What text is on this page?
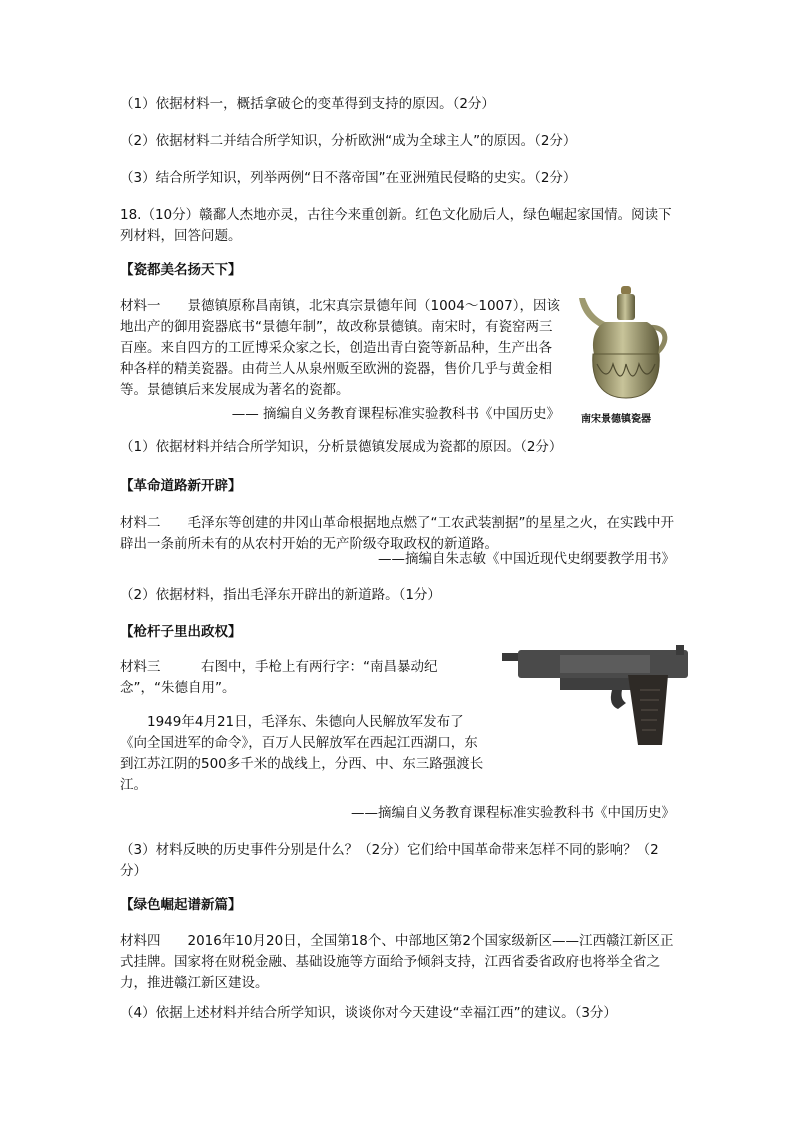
（1）依据材料一，概括拿破仑的变革得到支持的原因。（2分）
（2）依据材料二并结合所学知识，分析欧洲“成为全球主人”的原因。（2分）
（3）结合所学知识，列举两例“日不落帝国”在亚洲殖民侵略的史实。（2分）
18.（10分）赣鄱人杰地亦灵，古往今来重创新。红色文化励后人，绿色崛起家国情。阅读下列材料，回答问题。
【瓷都美名扬天下】
材料一　　景德镇原称昌南镇，北宋真宗景德年间（1004～1007），因该地出产的御用瓷器底书“景德年制”，故改称景德镇。南宋时，有瓷窑两三百座。来自四方的工匠博采众家之长，创造出青白瓷等新品种，生产出各种各样的精美瓷器。由荷兰人从泉州贩至欧洲的瓷器，售价几乎与黄金相等。景德镇后来发展成为著名的瓷都。
南宋景德镇瓷器
—— 摘编自义务教育课程标准实验教科书《中国历史》
（1）依据材料并结合所学知识，分析景德镇发展成为瓷都的原因。（2分）
【革命道路新开辟】
材料二　　毛泽东等创建的井冈山革命根据地点燃了“工农武装割据”的星星之火，在实践中开辟出一条前所未有的从农村开始的无产阶级夺取政权的新道路。
——摘编自朱志敏《中国近现代史纲要教学用书》
（2）依据材料，指出毛泽东开辟出的新道路。（1分）
【枪杆子里出政权】
材料三　　　右图中，手枪上有两行字：“南昌暴动纪念”，“朱德自用”。
　　1949年4月21日，毛泽东、朱德向人民解放军发布了《向全国进军的命令》，百万人民解放军在西起江西湖口，东到江苏江阴的500多千米的战线上，分西、中、东三路强渡长江。
——摘编自义务教育课程标准实验教科书《中国历史》
（3）材料反映的历史事件分别是什么？（2分）它们给中国革命带来怎样不同的影响？（2分）
【绿色崛起谱新篇】
材料四　　2016年10月20日，全国第18个、中部地区第2个国家级新区——江西赣江新区正式挂牌。国家将在财税金融、基础设施等方面给予倾斜支持，江西省委省政府也将举全省之力，推进赣江新区建设。
（4）依据上述材料并结合所学知识，谈谈你对今天建设“幸福江西”的建议。（3分）
